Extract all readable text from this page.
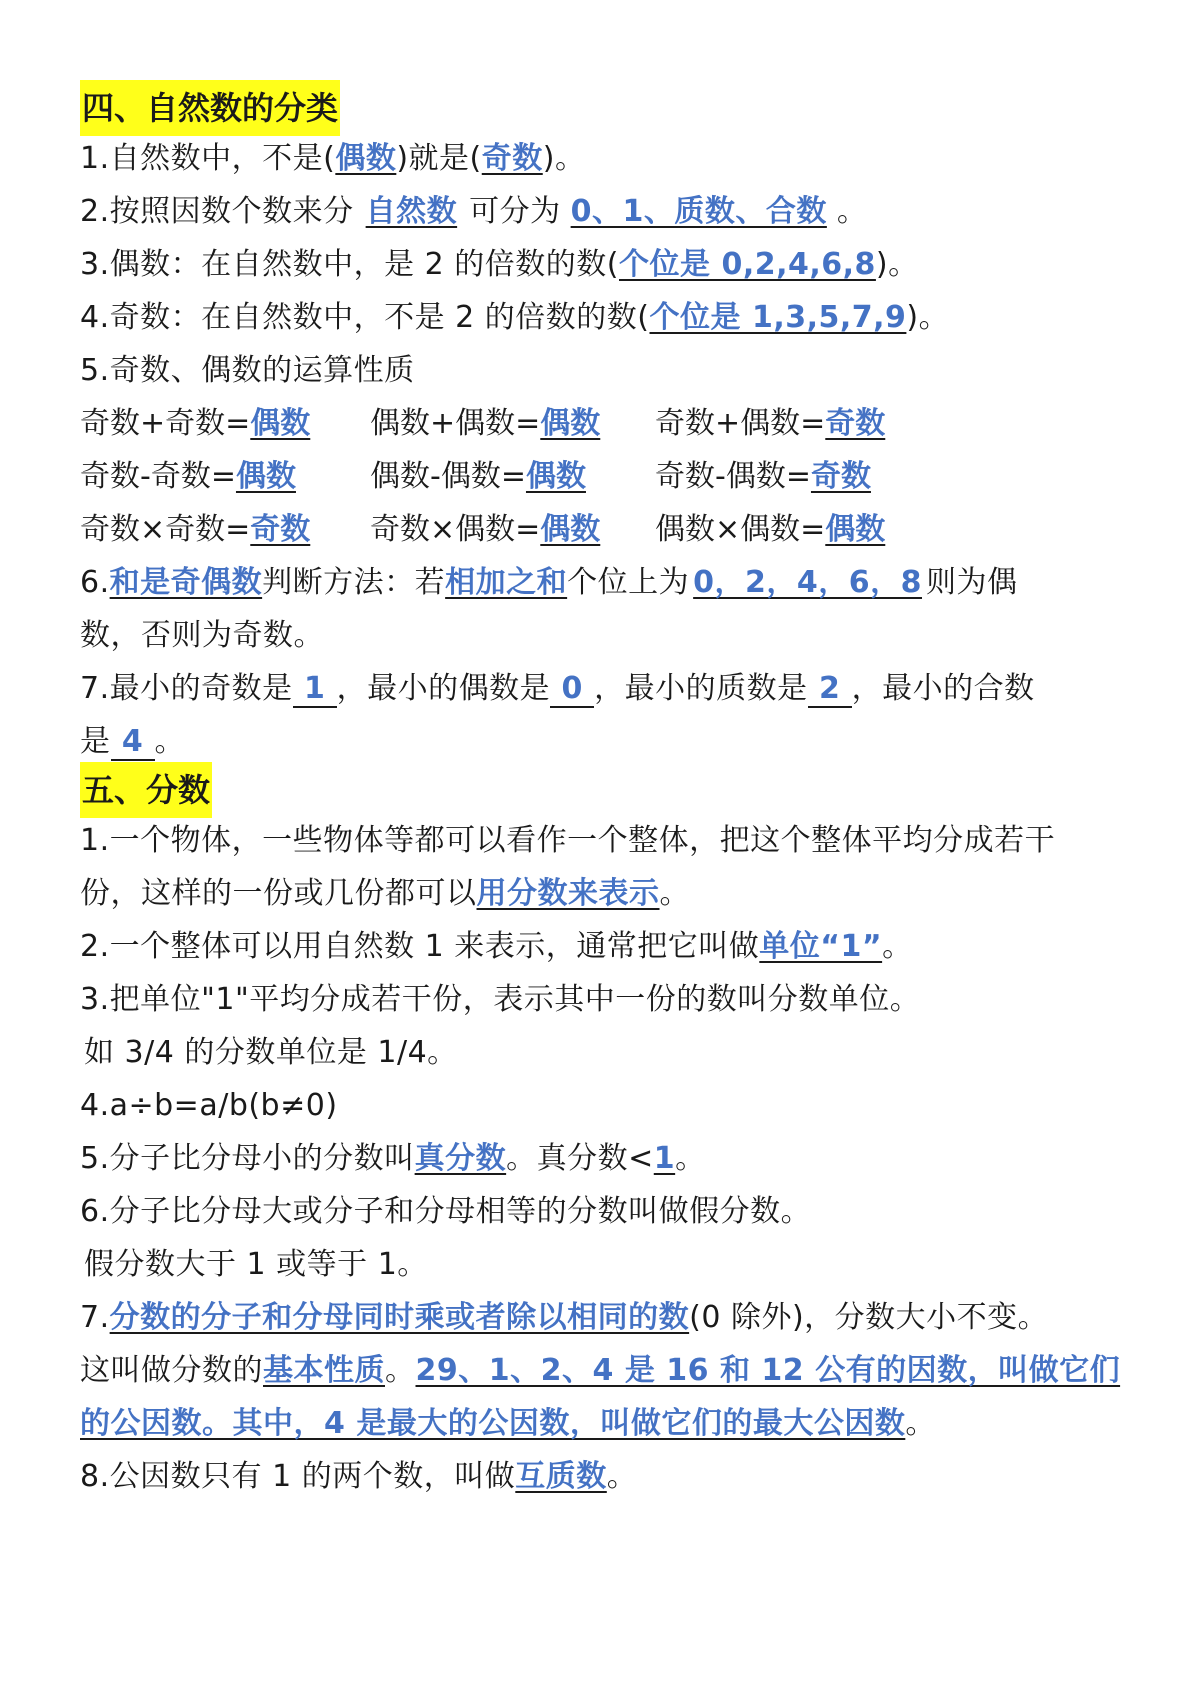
四、自然数的分类
1.自然数中，不是(偶数)就是(奇数)。
2.按照因数个数来分 自然数 可分为 0、1、质数、合数 。
3.偶数：在自然数中，是 2 的倍数的数(个位是 0,2,4,6,8)。
4.奇数：在自然数中，不是 2 的倍数的数(个位是 1,3,5,7,9)。
5.奇数、偶数的运算性质
奇数+奇数=偶数 偶数+偶数=偶数 奇数+偶数=奇数
奇数-奇数=偶数 偶数-偶数=偶数 奇数-偶数=奇数
奇数×奇数=奇数 奇数×偶数=偶数 偶数×偶数=偶数
6.和是奇偶数判断方法：若相加之和个位上为 0，2，4，6，8 则为偶
数，否则为奇数。
7.最小的奇数是 1 ，最小的偶数是 0 ，最小的质数是 2 ，最小的合数
是 4 。
五、分数
1.一个物体，一些物体等都可以看作一个整体，把这个整体平均分成若干
份，这样的一份或几份都可以用分数来表示。
2.一个整体可以用自然数 1 来表示，通常把它叫做单位“1”。
3.把单位"1"平均分成若干份，表示其中一份的数叫分数单位。
如 3/4 的分数单位是 1/4。
4.a÷b=a/b(b≠0)
5.分子比分母小的分数叫真分数。真分数<1。
6.分子比分母大或分子和分母相等的分数叫做假分数。
假分数大于 1 或等于 1。
7.分数的分子和分母同时乘或者除以相同的数(0 除外)，分数大小不变。
这叫做分数的基本性质。29、1、2、4 是 16 和 12 公有的因数，叫做它们
的公因数。其中，4 是最大的公因数，叫做它们的最大公因数。
8.公因数只有 1 的两个数，叫做互质数。
